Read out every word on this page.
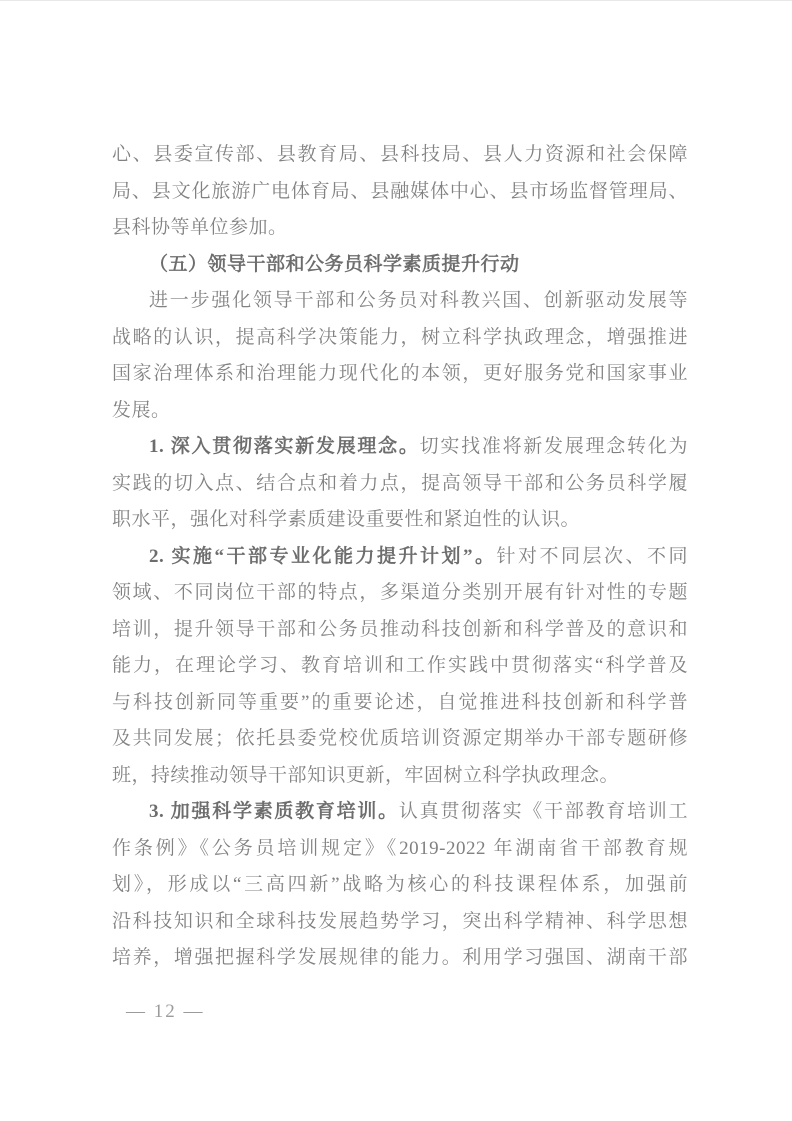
心、县委宣传部、县教育局、县科技局、县人力资源和社会保障
局、县文化旅游广电体育局、县融媒体中心、县市场监督管理局、
县科协等单位参加。
（五）领导干部和公务员科学素质提升行动
进一步强化领导干部和公务员对科教兴国、创新驱动发展等
战略的认识，提高科学决策能力，树立科学执政理念，增强推进
国家治理体系和治理能力现代化的本领，更好服务党和国家事业
发展。
1. 深入贯彻落实新发展理念。切实找准将新发展理念转化为
实践的切入点、结合点和着力点，提高领导干部和公务员科学履
职水平，强化对科学素质建设重要性和紧迫性的认识。
2. 实施“干部专业化能力提升计划”。针对不同层次、不同
领域、不同岗位干部的特点，多渠道分类别开展有针对性的专题
培训，提升领导干部和公务员推动科技创新和科学普及的意识和
能力，在理论学习、教育培训和工作实践中贯彻落实“科学普及
与科技创新同等重要”的重要论述，自觉推进科技创新和科学普
及共同发展；依托县委党校优质培训资源定期举办干部专题研修
班，持续推动领导干部知识更新，牢固树立科学执政理念。
3. 加强科学素质教育培训。认真贯彻落实《干部教育培训工
作条例》《公务员培训规定》《2019-2022 年湖南省干部教育规
划》，形成以“三高四新”战略为核心的科技课程体系，加强前
沿科技知识和全球科技发展趋势学习，突出科学精神、科学思想
培养，增强把握科学发展规律的能力。利用学习强国、湖南干部
— 12 —
